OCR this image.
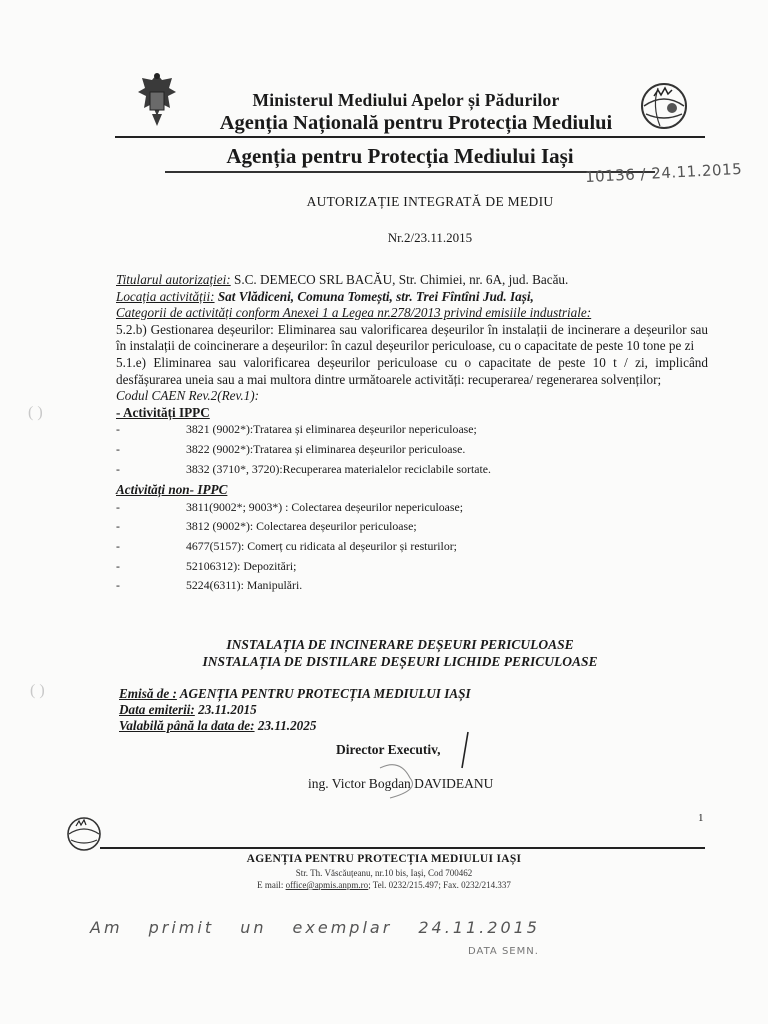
Ministerul Mediului Apelor și Pădurilor
Agenția Națională pentru Protecția Mediului
Agenția pentru Protecția Mediului Iași
10136 / 24.11.2015
AUTORIZAȚIE INTEGRATĂ DE MEDIU
Nr.2/23.11.2015

Titularul autorizației: S.C. DEMECO SRL BACĂU, Str. Chimiei, nr. 6A, jud. Bacău.

Locația activității: Sat Vlădiceni, Comuna Tomești, str. Trei Fîntîni Jud. Iași,

Categorii de activități conform Anexei 1 a Legea nr.278/2013 privind emisiile industriale:

5.2.b) Gestionarea deșeurilor: Eliminarea sau valorificarea deșeurilor în instalații de incinerare a deșeurilor sau în instalații de coincinerare a deșeurilor: în cazul deșeurilor periculoase, cu o capacitate de peste 10 tone pe zi

5.1.e) Eliminarea sau valorificarea deșeurilor periculoase cu o capacitate de peste 10 t / zi, implicând desfășurarea uneia sau a mai multora dintre următoarele activități: recuperarea/ regenerarea solvenților;

Codul CAEN Rev.2(Rev.1):

- Activități IPPC

-	3821 (9002*):Tratarea și eliminarea deșeurilor nepericuloase;
-	3822 (9002*):Tratarea și eliminarea deșeurilor periculoase.
-	3832 (3710*, 3720):Recuperarea materialelor reciclabile sortate.

Activități non- IPPC

-	3811(9002*; 9003*) : Colectarea deșeurilor nepericuloase;
-	3812 (9002*): Colectarea deșeurilor periculoase;
-	4677(5157): Comerț cu ridicata al deșeurilor și resturilor;
-	52106312): Depozitări;
-	5224(6311): Manipulări.
INSTALAȚIA DE INCINERARE DEȘEURI PERICULOASE
INSTALAȚIA DE DISTILARE DEȘEURI LICHIDE PERICULOASE
Emisă de : AGENȚIA PENTRU PROTECȚIA MEDIULUI IAȘI
Data emiterii: 23.11.2015
Valabilă până la data de: 23.11.2025
Director Executiv,
ing. Victor Bogdan DAVIDEANU
1
AGENȚIA PENTRU PROTECȚIA MEDIULUI IAȘI
Str. Th. Văscăuțeanu, nr.10 bis, Iași, Cod 700462
E mail: office@apmis.anpm.ro; Tel. 0232/215.497; Fax. 0232/214.337
Am primit un exemplar 24.11.2015
DATA SEMN.
( )
( )
